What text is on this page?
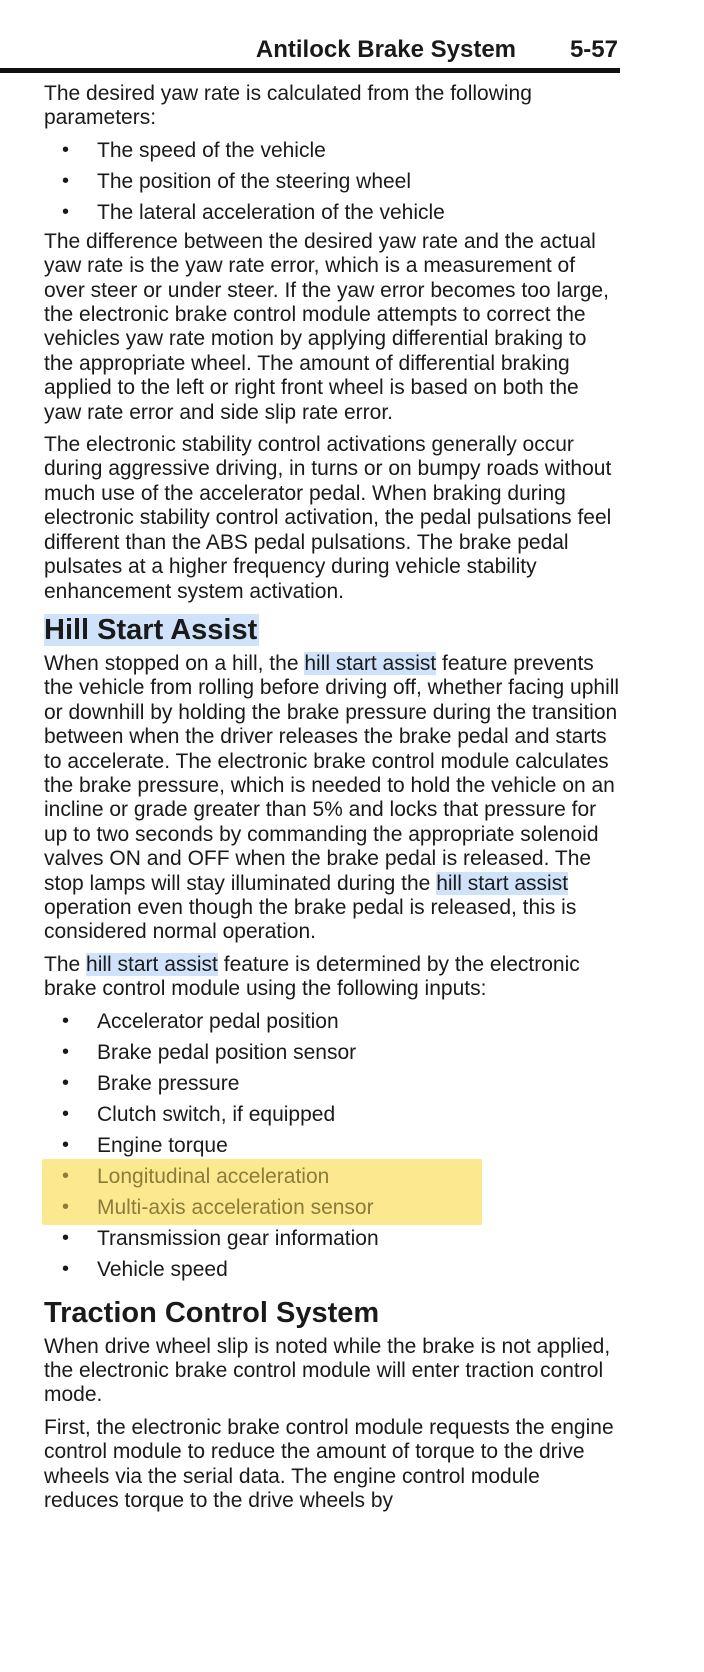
Antilock Brake System 5-57

The desired yaw rate is calculated from the following parameters:

• The speed of the vehicle
• The position of the steering wheel
• The lateral acceleration of the vehicle

The difference between the desired yaw rate and the actual yaw rate is the yaw rate error, which is a measurement of over steer or under steer. If the yaw error becomes too large, the electronic brake control module attempts to correct the vehicles yaw rate motion by applying differential braking to the appropriate wheel. The amount of differential braking applied to the left or right front wheel is based on both the yaw rate error and side slip rate error.

The electronic stability control activations generally occur during aggressive driving, in turns or on bumpy roads without much use of the accelerator pedal. When braking during electronic stability control activation, the pedal pulsations feel different than the ABS pedal pulsations. The brake pedal pulsates at a higher frequency during vehicle stability enhancement system activation.

Hill Start Assist

When stopped on a hill, the hill start assist feature prevents the vehicle from rolling before driving off, whether facing uphill or downhill by holding the brake pressure during the transition between when the driver releases the brake pedal and starts to accelerate. The electronic brake control module calculates the brake pressure, which is needed to hold the vehicle on an incline or grade greater than 5% and locks that pressure for up to two seconds by commanding the appropriate solenoid valves ON and OFF when the brake pedal is released. The stop lamps will stay illuminated during the hill start assist operation even though the brake pedal is released, this is considered normal operation.

The hill start assist feature is determined by the electronic brake control module using the following inputs:

• Accelerator pedal position
• Brake pedal position sensor
• Brake pressure
• Clutch switch, if equipped
• Engine torque
• Longitudinal acceleration
• Multi-axis acceleration sensor
• Transmission gear information
• Vehicle speed
Traction Control System

When drive wheel slip is noted while the brake is not applied, the electronic brake control module will enter traction control mode.

First, the electronic brake control module requests the engine control module to reduce the amount of torque to the drive wheels via the serial data. The engine control module reduces torque to the drive wheels by
